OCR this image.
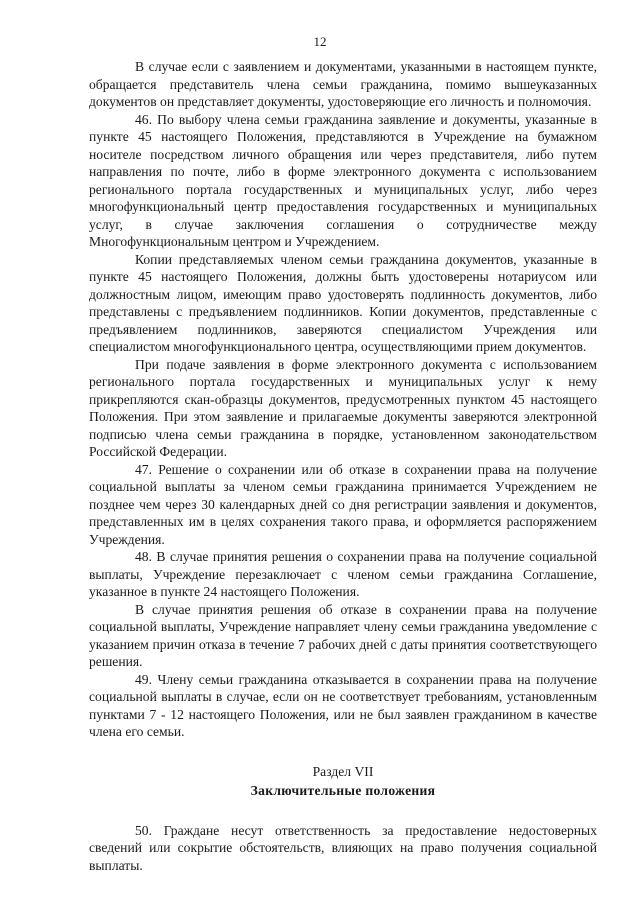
12

В случае если с заявлением и документами, указанными в настоящем пункте, обращается представитель члена семьи гражданина, помимо вышеуказанных документов он представляет документы, удостоверяющие его личность и полномочия.

46. По выбору члена семьи гражданина заявление и документы, указанные в пункте 45 настоящего Положения, представляются в Учреждение на бумажном носителе посредством личного обращения или через представителя, либо путем направления по почте, либо в форме электронного документа с использованием регионального портала государственных и муниципальных услуг, либо через многофункциональный центр предоставления государственных и муниципальных услуг, в случае заключения соглашения о сотрудничестве между Многофункциональным центром и Учреждением.

Копии представляемых членом семьи гражданина документов, указанные в пункте 45 настоящего Положения, должны быть удостоверены нотариусом или должностным лицом, имеющим право удостоверять подлинность документов, либо представлены с предъявлением подлинников. Копии документов, представленные с предъявлением подлинников, заверяются специалистом Учреждения или специалистом многофункционального центра, осуществляющими прием документов.

При подаче заявления в форме электронного документа с использованием регионального портала государственных и муниципальных услуг к нему прикрепляются скан-образцы документов, предусмотренных пунктом 45 настоящего Положения. При этом заявление и прилагаемые документы заверяются электронной подписью члена семьи гражданина в порядке, установленном законодательством Российской Федерации.

47. Решение о сохранении или об отказе в сохранении права на получение социальной выплаты за членом семьи гражданина принимается Учреждением не позднее чем через 30 календарных дней со дня регистрации заявления и документов, представленных им в целях сохранения такого права, и оформляется распоряжением Учреждения.

48. В случае принятия решения о сохранении права на получение социальной выплаты, Учреждение перезаключает с членом семьи гражданина Соглашение, указанное в пункте 24 настоящего Положения.

В случае принятия решения об отказе в сохранении права на получение социальной выплаты, Учреждение направляет члену семьи гражданина уведомление с указанием причин отказа в течение 7 рабочих дней с даты принятия соответствующего решения.

49. Члену семьи гражданина отказывается в сохранении права на получение социальной выплаты в случае, если он не соответствует требованиям, установленным пунктами 7 - 12 настоящего Положения, или не был заявлен гражданином в качестве члена его семьи.

Раздел VII

Заключительные положения

50. Граждане несут ответственность за предоставление недостоверных сведений или сокрытие обстоятельств, влияющих на право получения социальной выплаты.
